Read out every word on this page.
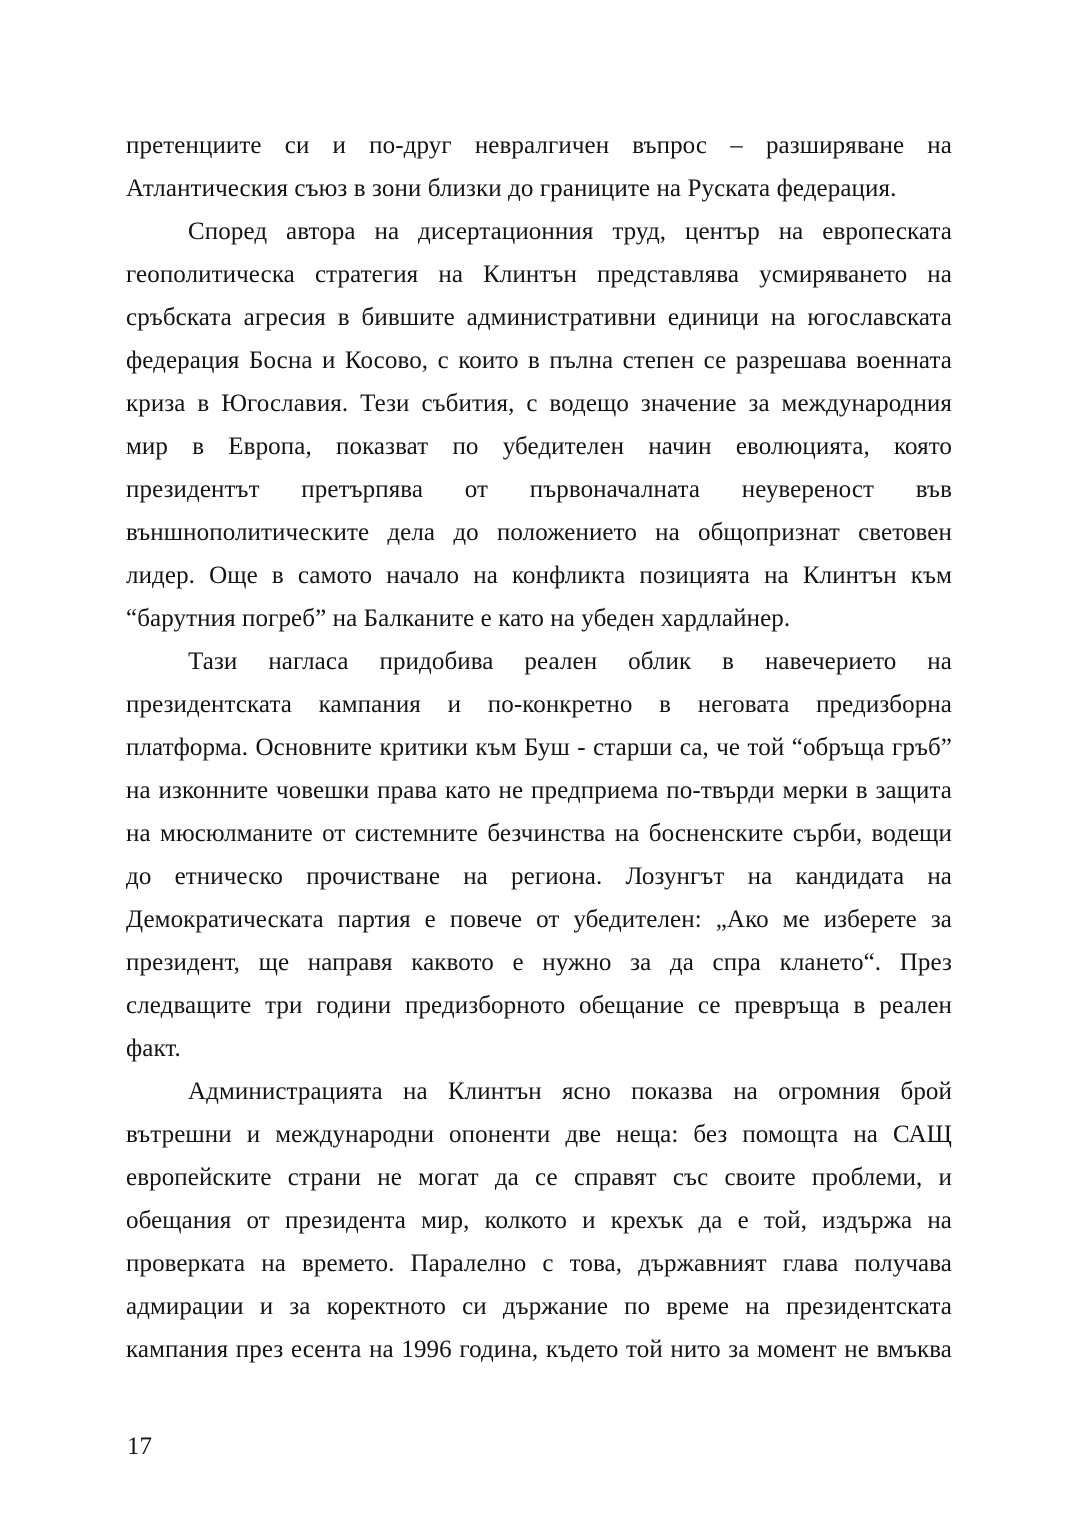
претенциите си и по-друг невралгичен въпрос – разширяване на
Атлантическия съюз в зони близки до границите на Руската федерация.
Според автора на дисертационния труд, център на европеската
геополитическа стратегия на Клинтън представлява усмиряването на
сръбската агресия в бившите административни единици на югославската
федерация Босна и Косово, с които в пълна степен се разрешава военната
криза в Югославия. Тези събития, с водещо значение за международния
мир в Европа, показват по убедителен начин еволюцията, която
президентът претърпява от първоначалната неувереност във
външнополитическите дела до положението на общопризнат световен
лидер. Още в самото начало на конфликта позицията на Клинтън към
“барутния погреб” на Балканите е като на убеден хардлайнер.
Тази нагласа придобива реален облик в навечерието на
президентската кампания и по-конкретно в неговата предизборна
платформа. Основните критики към Буш - старши са, че той “обръща гръб”
на изконните човешки права като не предприема по-твърди мерки в защита
на мюсюлманите от системните безчинства на босненските сърби, водещи
до етническо прочистване на региона. Лозунгът на кандидата на
Демократическата партия е повече от убедителен: „Ако ме изберете за
президент, ще направя каквото е нужно за да спра клането“. През
следващите три години предизборното обещание се превръща в реален
факт.
Администрацията на Клинтън ясно показва на огромния брой
вътрешни и международни опоненти две неща: без помощта на САЩ
европейските страни не могат да се справят със своите проблеми, и
обещания от президента мир, колкото и крехък да е той, издържа на
проверката на времето. Паралелно с това, държавният глава получава
адмирации и за коректното си държание по време на президентската
кампания през есента на 1996 година, където той нито за момент не вмъква
17
